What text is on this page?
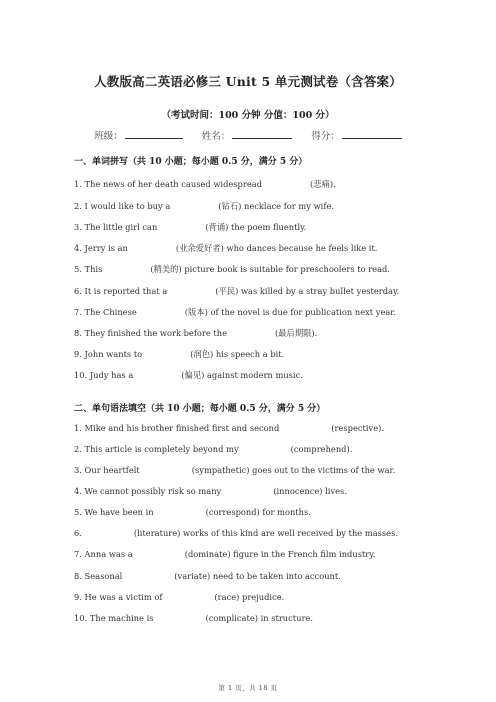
人教版高二英语必修三 Unit 5 单元测试卷（含答案）
（考试时间：100 分钟 分值：100 分）
班级：	姓名：	得分：
一、单词拼写（共 10 小题；每小题 0.5 分，满分 5 分）
1. The news of her death caused widespread	(悲痛).
2. I would like to buy a	(钻石) necklace for my wife.
3. The little girl can	(背诵) the poem fluently.
4. Jerry is an	(业余爱好者) who dances because he feels like it.
5. This	(精美的) picture book is suitable for preschoolers to read.
6. It is reported that a	(平民) was killed by a stray bullet yesterday.
7. The Chinese	(版本) of the novel is due for publication next year.
8. They finished the work before the	(最后期限).
9. John wants to	(润色) his speech a bit.
10. Judy has a	(偏见) against modern music.
二、单句语法填空（共 10 小题；每小题 0.5 分，满分 5 分）
1. Mike and his brother finished first and second	(respective).
2. This article is completely beyond my	(comprehend).
3. Our heartfelt	(sympathetic) goes out to the victims of the war.
4. We cannot possibly risk so many	(innocence) lives.
5. We have been in	(correspond) for months.
6.	(literature) works of this kind are well received by the masses.
7. Anna was a	(dominate) figure in the French film industry.
8. Seasonal	(variate) need to be taken into account.
9. He was a victim of	(race) prejudice.
10. The machine is	(complicate) in structure.
第 1 页，共 18 页
